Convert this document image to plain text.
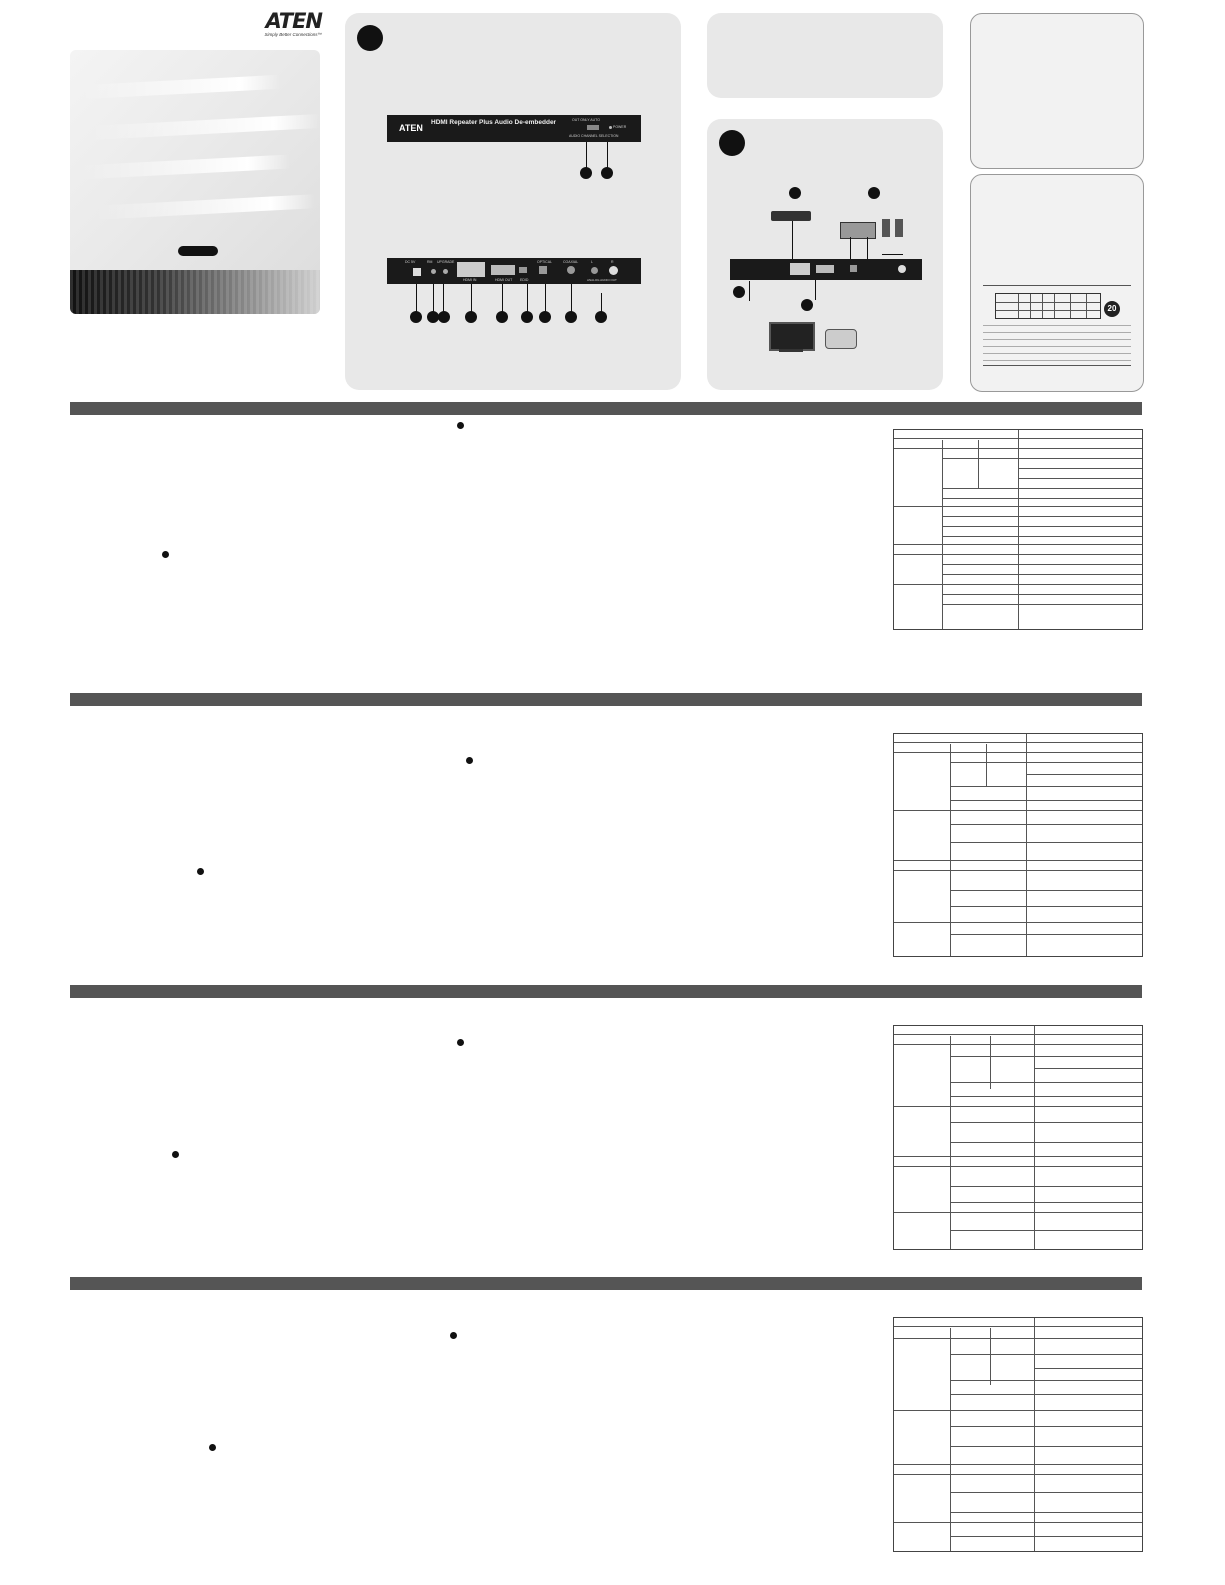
ATEN
Simply Better Connections™
ATEN
HDMI Repeater Plus Audio De-embedder	OUT ONLY AUTO
AUDIO CHANNEL SELECTION
POWER
DC 5V	RM UPGRADE
HDMI IN	HDMI OUT EDID
OPTICAL	COAXIAL	L	R
ANALOG AUDIO OUT
20
